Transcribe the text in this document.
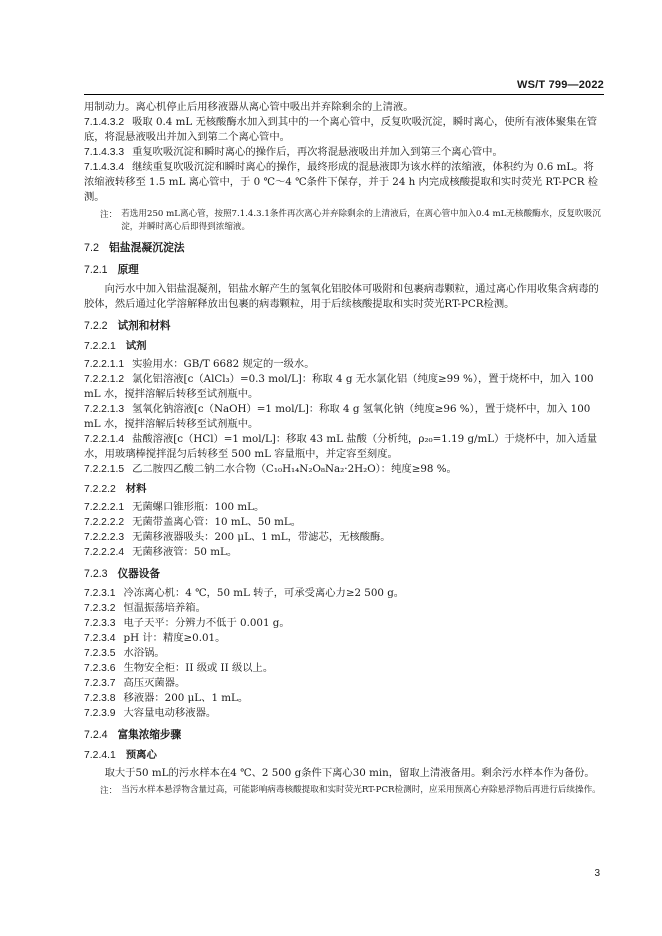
WS/T 799—2022

用制动力。离心机停止后用移液器从离心管中吸出并弃除剩余的上清液。

7.1.4.3.2 吸取 0.4 mL 无核酸酶水加入到其中的一个离心管中，反复吹吸沉淀，瞬时离心，使所有液体聚集在管底，将混悬液吸出并加入到第二个离心管中。

7.1.4.3.3 重复吹吸沉淀和瞬时离心的操作后，再次将混悬液吸出并加入到第三个离心管中。

7.1.4.3.4 继续重复吹吸沉淀和瞬时离心的操作，最终形成的混悬液即为该水样的浓缩液，体积约为 0.6 mL。将浓缩液转移至 1.5 mL 离心管中，于 0 ℃～4 ℃条件下保存，并于 24 h 内完成核酸提取和实时荧光 RT-PCR 检测。

注： 若选用250 mL离心管，按照7.1.4.3.1条件再次离心并弃除剩余的上清液后，在离心管中加入0.4 mL无核酸酶水，反复吹吸沉淀，并瞬时离心后即得到浓缩液。

7.2 铝盐混凝沉淀法

7.2.1 原理

向污水中加入铝盐混凝剂，铝盐水解产生的氢氧化铝胶体可吸附和包裹病毒颗粒，通过离心作用收集含病毒的胶体，然后通过化学溶解释放出包裹的病毒颗粒，用于后续核酸提取和实时荧光RT-PCR检测。

7.2.2 试剂和材料

7.2.2.1 试剂

7.2.2.1.1 实验用水：GB/T 6682 规定的一级水。

7.2.2.1.2 氯化铝溶液[c（AlCl₃）=0.3 mol/L]：称取 4 g 无水氯化铝（纯度≥99 %），置于烧杯中，加入 100 mL 水，搅拌溶解后转移至试剂瓶中。

7.2.2.1.3 氢氧化钠溶液[c（NaOH）=1 mol/L]：称取 4 g 氢氧化钠（纯度≥96 %），置于烧杯中，加入 100 mL 水，搅拌溶解后转移至试剂瓶中。

7.2.2.1.4 盐酸溶液[c（HCl）=1 mol/L]：移取 43 mL 盐酸（分析纯，ρ₂₀=1.19 g/mL）于烧杯中，加入适量水，用玻璃棒搅拌混匀后转移至 500 mL 容量瓶中，并定容至刻度。

7.2.2.1.5 乙二胺四乙酸二钠二水合物（C₁₀H₁₄N₂O₈Na₂·2H₂O）：纯度≥98 %。

7.2.2.2 材料

7.2.2.2.1 无菌螺口锥形瓶：100 mL。

7.2.2.2.2 无菌带盖离心管：10 mL、50 mL。

7.2.2.2.3 无菌移液器吸头：200 μL、1 mL，带滤芯，无核酸酶。

7.2.2.2.4 无菌移液管：50 mL。

7.2.3 仪器设备

7.2.3.1 冷冻离心机：4 ℃，50 mL 转子，可承受离心力≥2 500 g。

7.2.3.2 恒温振荡培养箱。

7.2.3.3 电子天平：分辨力不低于 0.001 g。

7.2.3.4 pH 计：精度≥0.01。

7.2.3.5 水浴锅。

7.2.3.6 生物安全柜：II 级或 II 级以上。

7.2.3.7 高压灭菌器。

7.2.3.8 移液器：200 μL、1 mL。

7.2.3.9 大容量电动移液器。

7.2.4 富集浓缩步骤

7.2.4.1 预离心

取大于50 mL的污水样本在4 ℃、2 500 g条件下离心30 min，留取上清液备用。剩余污水样本作为备份。

注： 当污水样本悬浮物含量过高，可能影响病毒核酸提取和实时荧光RT-PCR检测时，应采用预离心弃除悬浮物后再进行后续操作。
3
